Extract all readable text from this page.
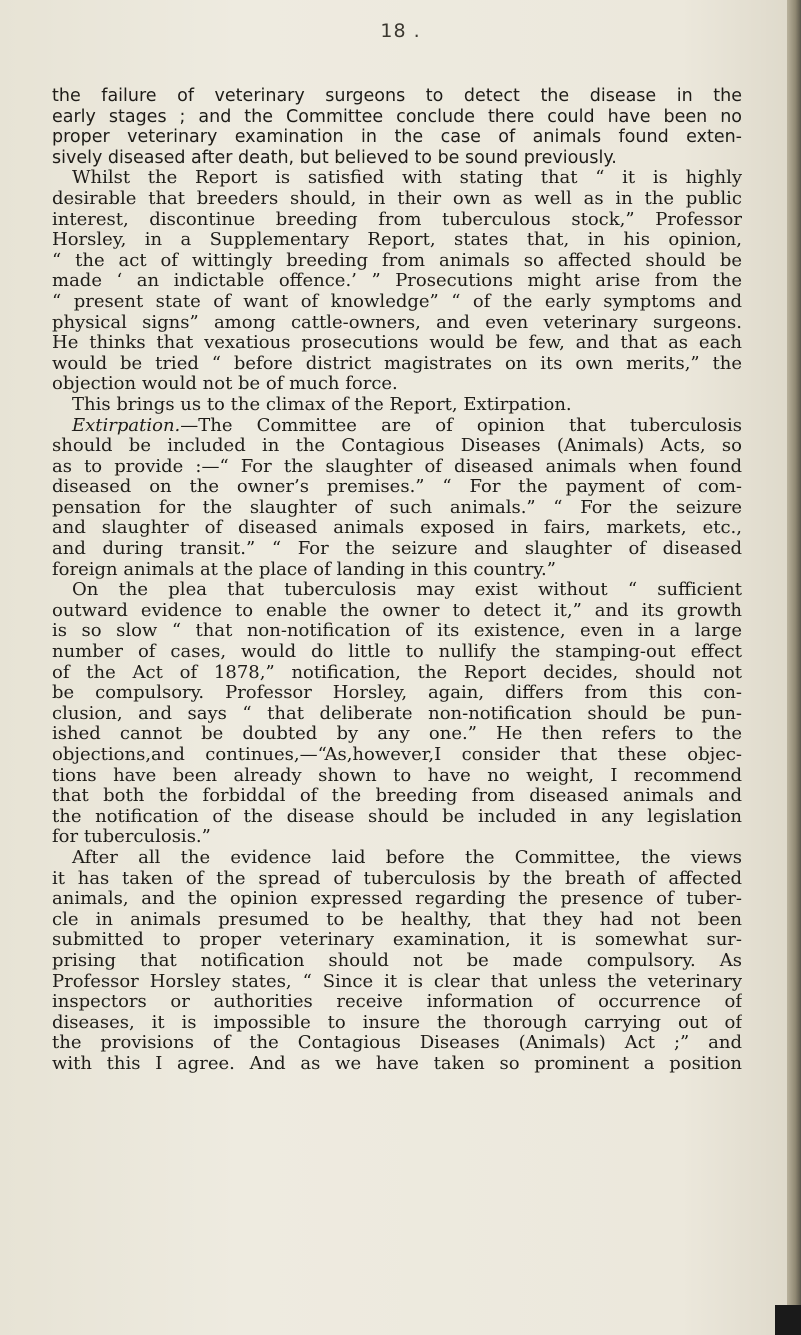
18 .
the failure of veterinary surgeons to detect the disease in the
early stages ; and the Committee conclude there could have been no
proper veterinary examination in the case of animals found exten-
sively diseased after death, but believed to be sound previously.
Whilst the Report is satisfied with stating that “ it is highly
desirable that breeders should, in their own as well as in the public
interest, discontinue breeding from tuberculous stock,” Professor
Horsley, in a Supplementary Report, states that, in his opinion,
“ the act of wittingly breeding from animals so affected should be
made ‘ an indictable offence.’ ” Prosecutions might arise from the
“ present state of want of knowledge” “ of the early symptoms and
physical signs” among cattle-owners, and even veterinary surgeons.
He thinks that vexatious prosecutions would be few, and that as each
would be tried “ before district magistrates on its own merits,” the
objection would not be of much force.
This brings us to the climax of the Report, Extirpation.
Extirpation.—The Committee are of opinion that tuberculosis
should be included in the Contagious Diseases (Animals) Acts, so
as to provide :—“ For the slaughter of diseased animals when found
diseased on the owner’s premises.” “ For the payment of com-
pensation for the slaughter of such animals.” “ For the seizure
and slaughter of diseased animals exposed in fairs, markets, etc.,
and during transit.” “ For the seizure and slaughter of diseased
foreign animals at the place of landing in this country.”
On the plea that tuberculosis may exist without “ sufficient
outward evidence to enable the owner to detect it,” and its growth
is so slow “ that non-notification of its existence, even in a large
number of cases, would do little to nullify the stamping-out effect
of the Act of 1878,” notification, the Report decides, should not
be compulsory. Professor Horsley, again, differs from this con-
clusion, and says “ that deliberate non-notification should be pun-
ished cannot be doubted by any one.” He then refers to the
objections,and continues,—“As,however,I consider that these objec-
tions have been already shown to have no weight, I recommend
that both the forbiddal of the breeding from diseased animals and
the notification of the disease should be included in any legislation
for tuberculosis.”
After all the evidence laid before the Committee, the views
it has taken of the spread of tuberculosis by the breath of affected
animals, and the opinion expressed regarding the presence of tuber-
cle in animals presumed to be healthy, that they had not been
submitted to proper veterinary examination, it is somewhat sur-
prising that notification should not be made compulsory. As
Professor Horsley states, “ Since it is clear that unless the veterinary
inspectors or authorities receive information of occurrence of
diseases, it is impossible to insure the thorough carrying out of
the provisions of the Contagious Diseases (Animals) Act ;” and
with this I agree. And as we have taken so prominent a position
